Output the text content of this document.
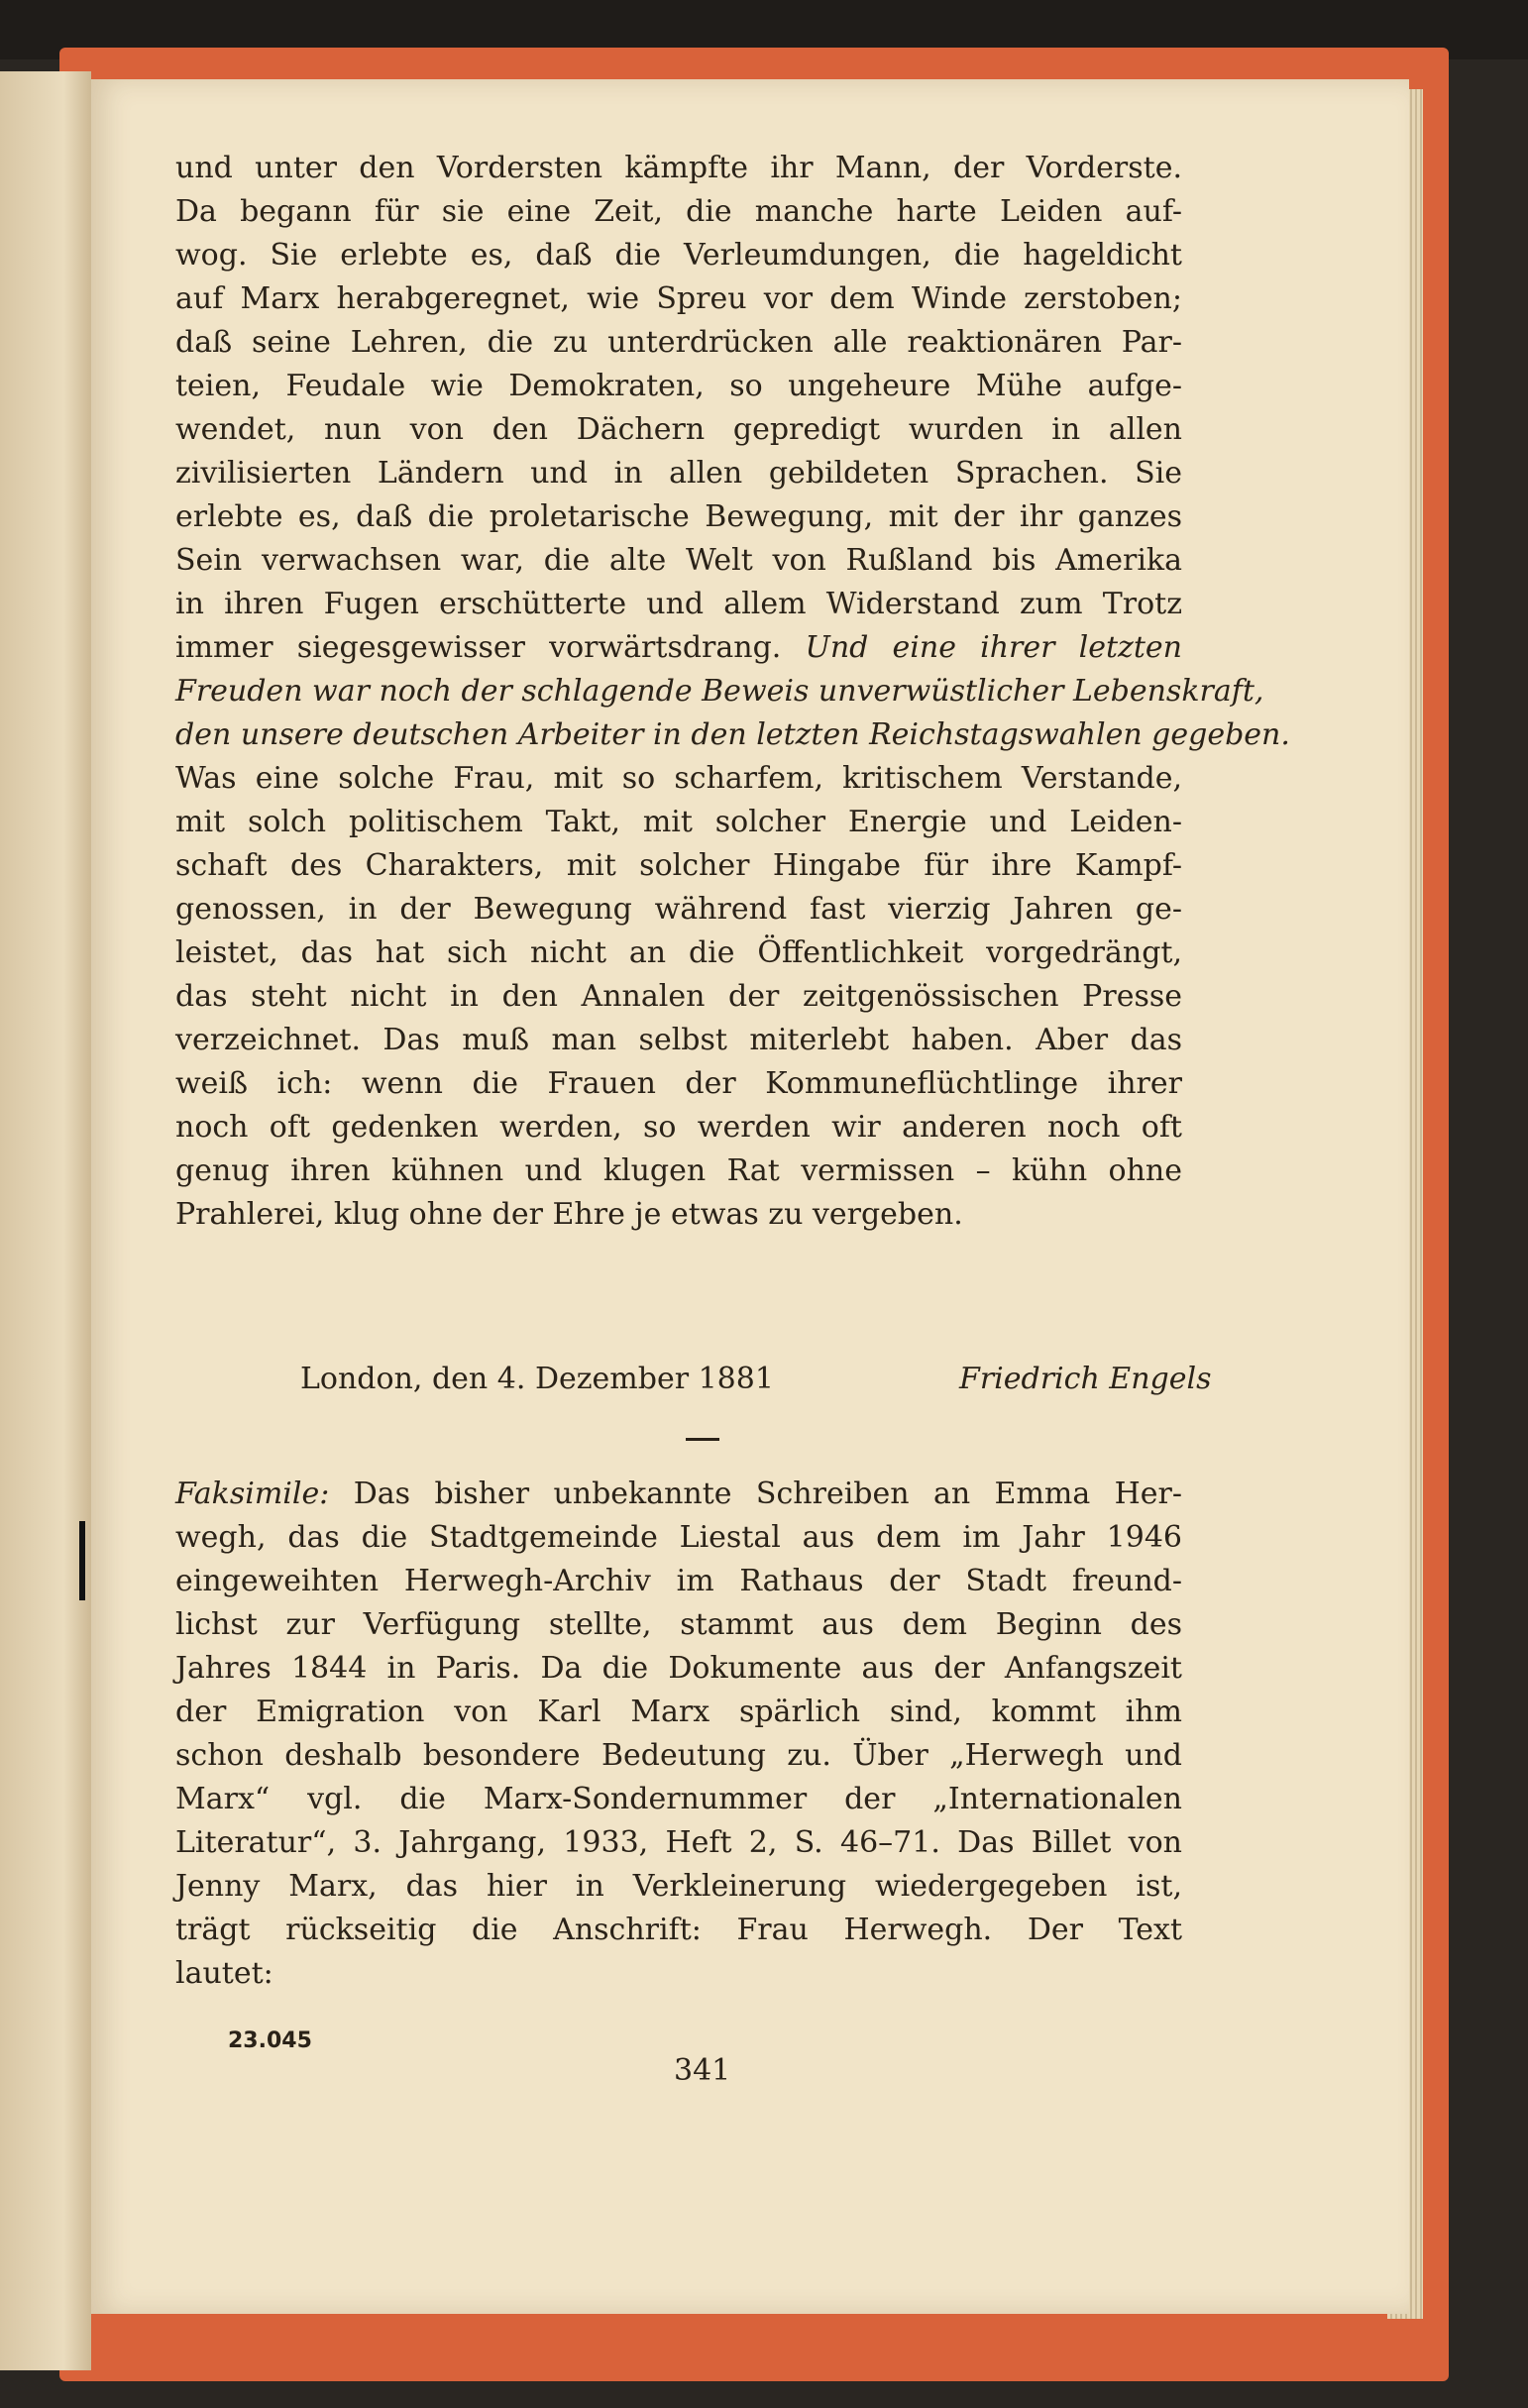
und unter den Vordersten kämpfte ihr Mann, der Vorderste.
Da begann für sie eine Zeit, die manche harte Leiden auf-
wog. Sie erlebte es, daß die Verleumdungen, die hageldicht
auf Marx herabgeregnet, wie Spreu vor dem Winde zerstoben;
daß seine Lehren, die zu unterdrücken alle reaktionären Par-
teien, Feudale wie Demokraten, so ungeheure Mühe aufge-
wendet, nun von den Dächern gepredigt wurden in allen
zivilisierten Ländern und in allen gebildeten Sprachen. Sie
erlebte es, daß die proletarische Bewegung, mit der ihr ganzes
Sein verwachsen war, die alte Welt von Rußland bis Amerika
in ihren Fugen erschütterte und allem Widerstand zum Trotz
immer siegesgewisser vorwärtsdrang. Und eine ihrer letzten
Freuden war noch der schlagende Beweis unverwüstlicher Lebenskraft,
den unsere deutschen Arbeiter in den letzten Reichstagswahlen gegeben.
Was eine solche Frau, mit so scharfem, kritischem Verstande,
mit solch politischem Takt, mit solcher Energie und Leiden-
schaft des Charakters, mit solcher Hingabe für ihre Kampf-
genossen, in der Bewegung während fast vierzig Jahren ge-
leistet, das hat sich nicht an die Öffentlichkeit vorgedrängt,
das steht nicht in den Annalen der zeitgenössischen Presse
verzeichnet. Das muß man selbst miterlebt haben. Aber das
weiß ich: wenn die Frauen der Kommuneflüchtlinge ihrer
noch oft gedenken werden, so werden wir anderen noch oft
genug ihren kühnen und klugen Rat vermissen – kühn ohne
Prahlerei, klug ohne der Ehre je etwas zu vergeben.
Faksimile: Das bisher unbekannte Schreiben an Emma Her-
wegh, das die Stadtgemeinde Liestal aus dem im Jahr 1946
eingeweihten Herwegh-Archiv im Rathaus der Stadt freund-
lichst zur Verfügung stellte, stammt aus dem Beginn des
Jahres 1844 in Paris. Da die Dokumente aus der Anfangszeit
der Emigration von Karl Marx spärlich sind, kommt ihm
schon deshalb besondere Bedeutung zu. Über „Herwegh und
Marx“ vgl. die Marx-Sondernummer der „Internationalen
Literatur“, 3. Jahrgang, 1933, Heft 2, S. 46–71. Das Billet von
Jenny Marx, das hier in Verkleinerung wiedergegeben ist,
trägt rückseitig die Anschrift: Frau Herwegh. Der Text
lautet:
London, den 4. Dezember 1881	Friedrich Engels
23.045
341
